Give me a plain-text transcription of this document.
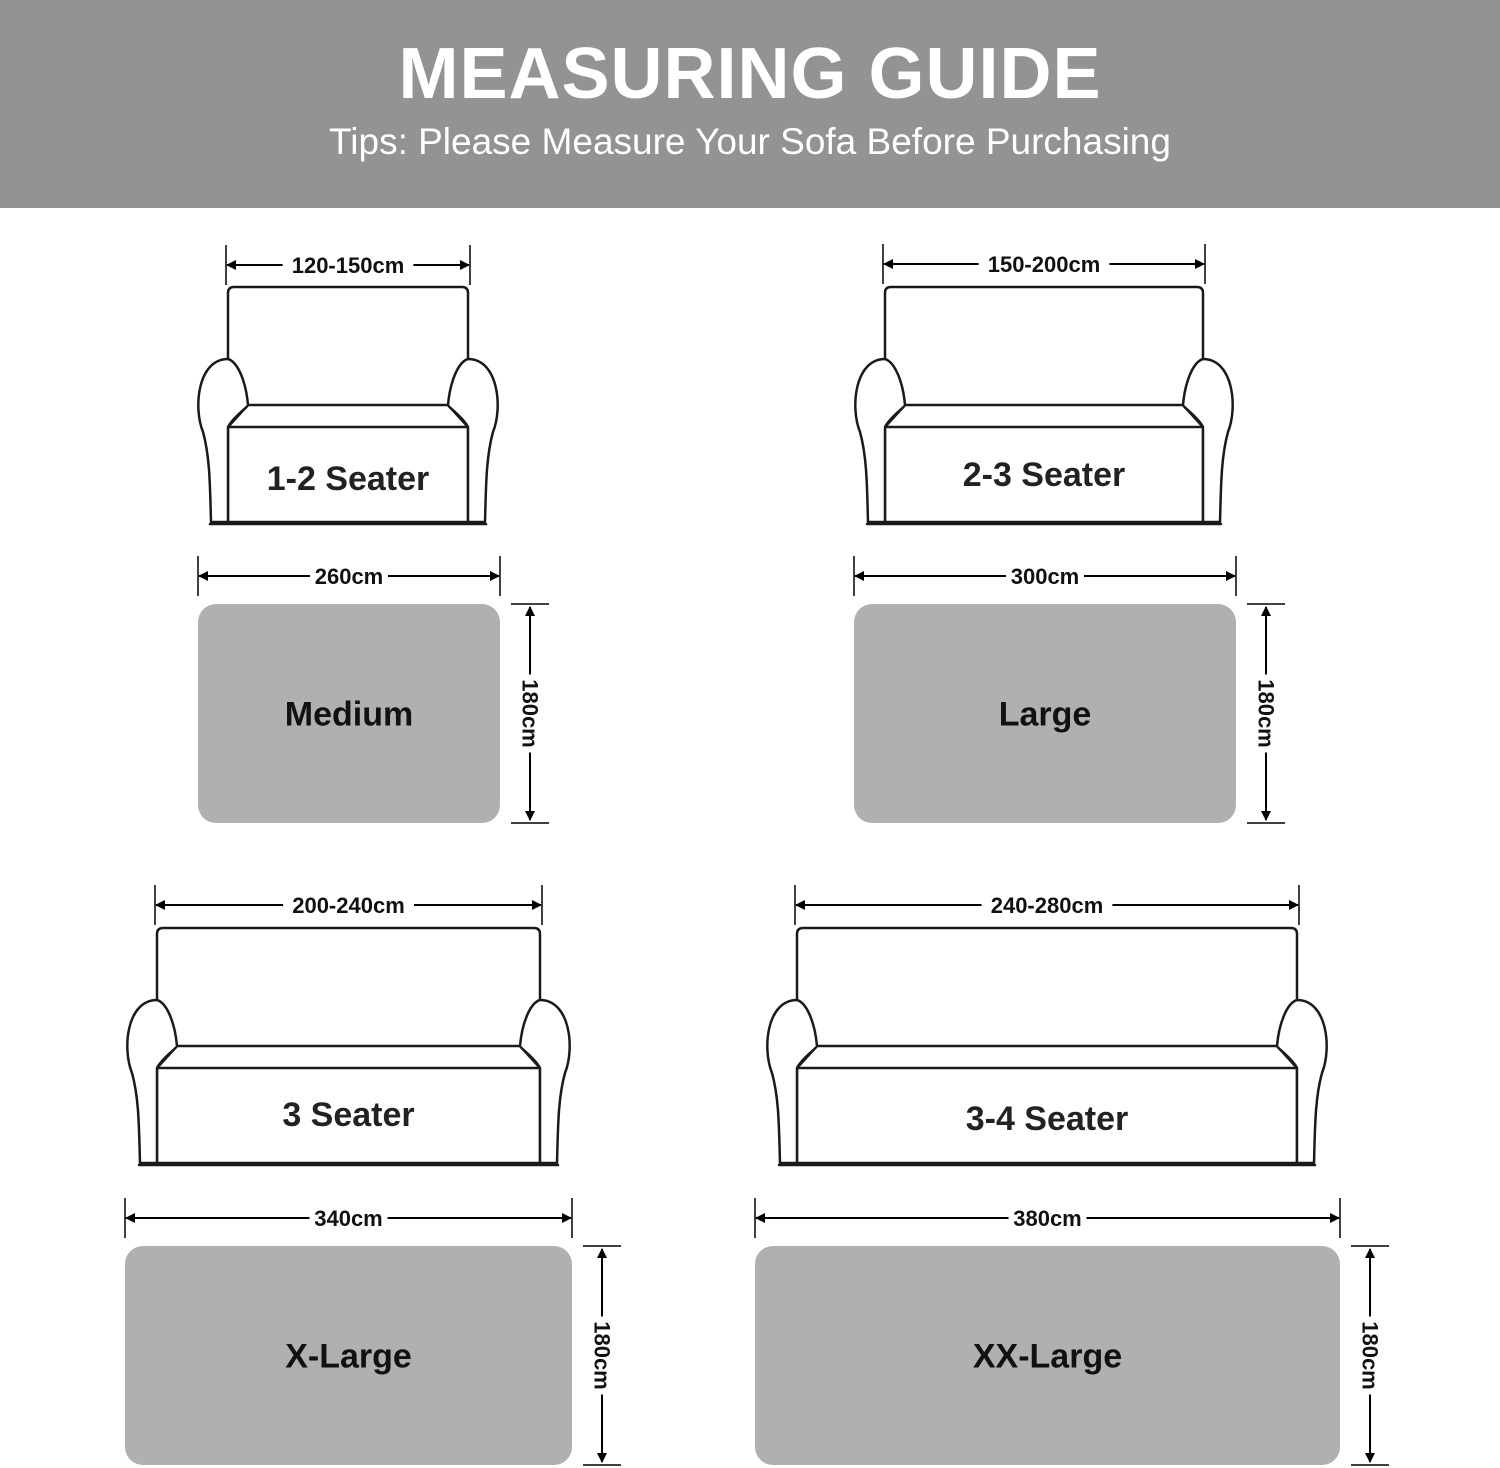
MEASURING GUIDE
Tips: Please Measure Your Sofa Before Purchasing
120-150cm
1-2 Seater
260cm
Medium	180cm
150-200cm
2-3 Seater
300cm
Large	180cm
200-240cm
3 Seater
340cm
X-Large	180cm
240-280cm
3-4 Seater
380cm
XX-Large	180cm
